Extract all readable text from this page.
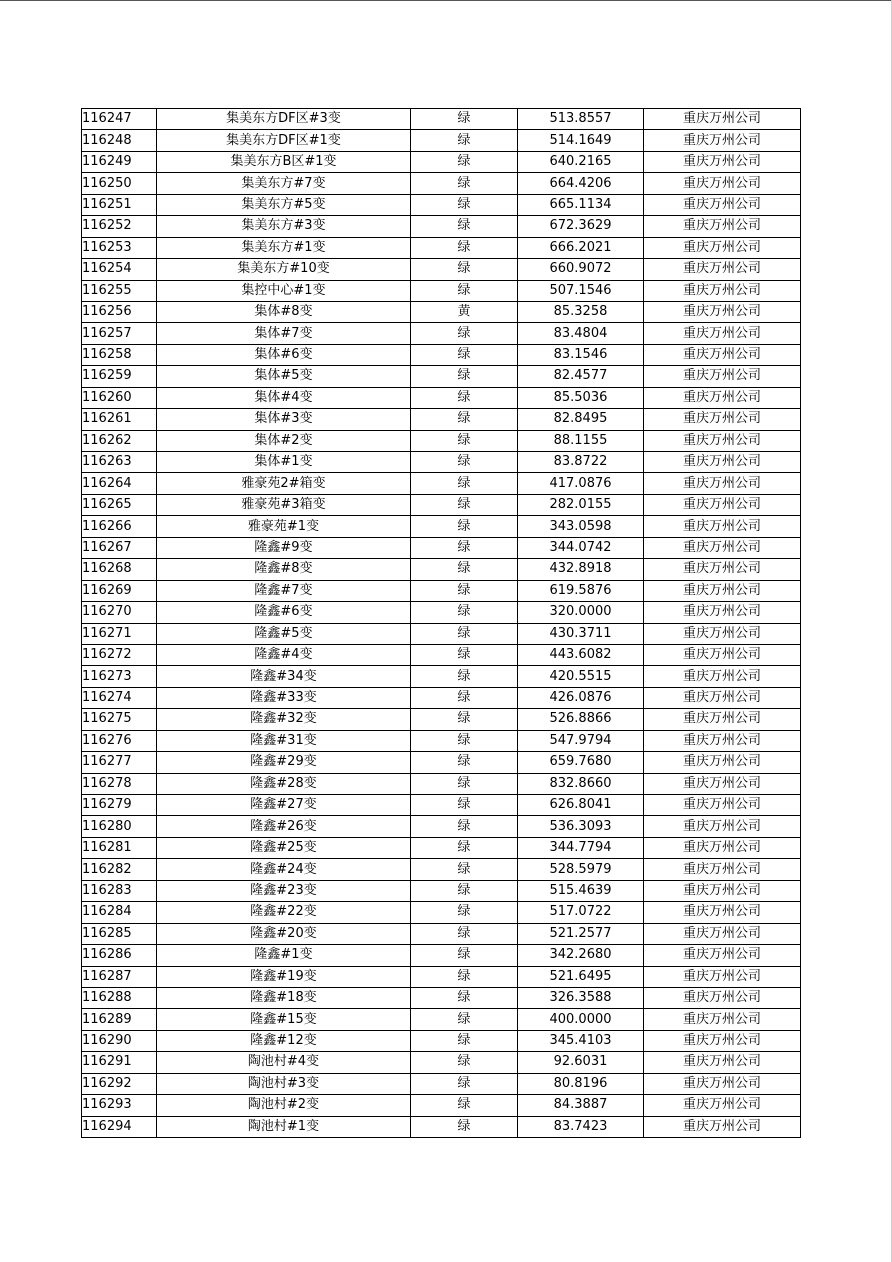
116247	集美东方DF区#3变	绿	513.8557	重庆万州公司
116248	集美东方DF区#1变	绿	514.1649	重庆万州公司
116249	集美东方B区#1变	绿	640.2165	重庆万州公司
116250	集美东方#7变	绿	664.4206	重庆万州公司
116251	集美东方#5变	绿	665.1134	重庆万州公司
116252	集美东方#3变	绿	672.3629	重庆万州公司
116253	集美东方#1变	绿	666.2021	重庆万州公司
116254	集美东方#10变	绿	660.9072	重庆万州公司
116255	集控中心#1变	绿	507.1546	重庆万州公司
116256	集体#8变	黄	85.3258	重庆万州公司
116257	集体#7变	绿	83.4804	重庆万州公司
116258	集体#6变	绿	83.1546	重庆万州公司
116259	集体#5变	绿	82.4577	重庆万州公司
116260	集体#4变	绿	85.5036	重庆万州公司
116261	集体#3变	绿	82.8495	重庆万州公司
116262	集体#2变	绿	88.1155	重庆万州公司
116263	集体#1变	绿	83.8722	重庆万州公司
116264	雅豪苑2#箱变	绿	417.0876	重庆万州公司
116265	雅豪苑#3箱变	绿	282.0155	重庆万州公司
116266	雅豪苑#1变	绿	343.0598	重庆万州公司
116267	隆鑫#9变	绿	344.0742	重庆万州公司
116268	隆鑫#8变	绿	432.8918	重庆万州公司
116269	隆鑫#7变	绿	619.5876	重庆万州公司
116270	隆鑫#6变	绿	320.0000	重庆万州公司
116271	隆鑫#5变	绿	430.3711	重庆万州公司
116272	隆鑫#4变	绿	443.6082	重庆万州公司
116273	隆鑫#34变	绿	420.5515	重庆万州公司
116274	隆鑫#33变	绿	426.0876	重庆万州公司
116275	隆鑫#32变	绿	526.8866	重庆万州公司
116276	隆鑫#31变	绿	547.9794	重庆万州公司
116277	隆鑫#29变	绿	659.7680	重庆万州公司
116278	隆鑫#28变	绿	832.8660	重庆万州公司
116279	隆鑫#27变	绿	626.8041	重庆万州公司
116280	隆鑫#26变	绿	536.3093	重庆万州公司
116281	隆鑫#25变	绿	344.7794	重庆万州公司
116282	隆鑫#24变	绿	528.5979	重庆万州公司
116283	隆鑫#23变	绿	515.4639	重庆万州公司
116284	隆鑫#22变	绿	517.0722	重庆万州公司
116285	隆鑫#20变	绿	521.2577	重庆万州公司
116286	隆鑫#1变	绿	342.2680	重庆万州公司
116287	隆鑫#19变	绿	521.6495	重庆万州公司
116288	隆鑫#18变	绿	326.3588	重庆万州公司
116289	隆鑫#15变	绿	400.0000	重庆万州公司
116290	隆鑫#12变	绿	345.4103	重庆万州公司
116291	陶池村#4变	绿	92.6031	重庆万州公司
116292	陶池村#3变	绿	80.8196	重庆万州公司
116293	陶池村#2变	绿	84.3887	重庆万州公司
116294	陶池村#1变	绿	83.7423	重庆万州公司
